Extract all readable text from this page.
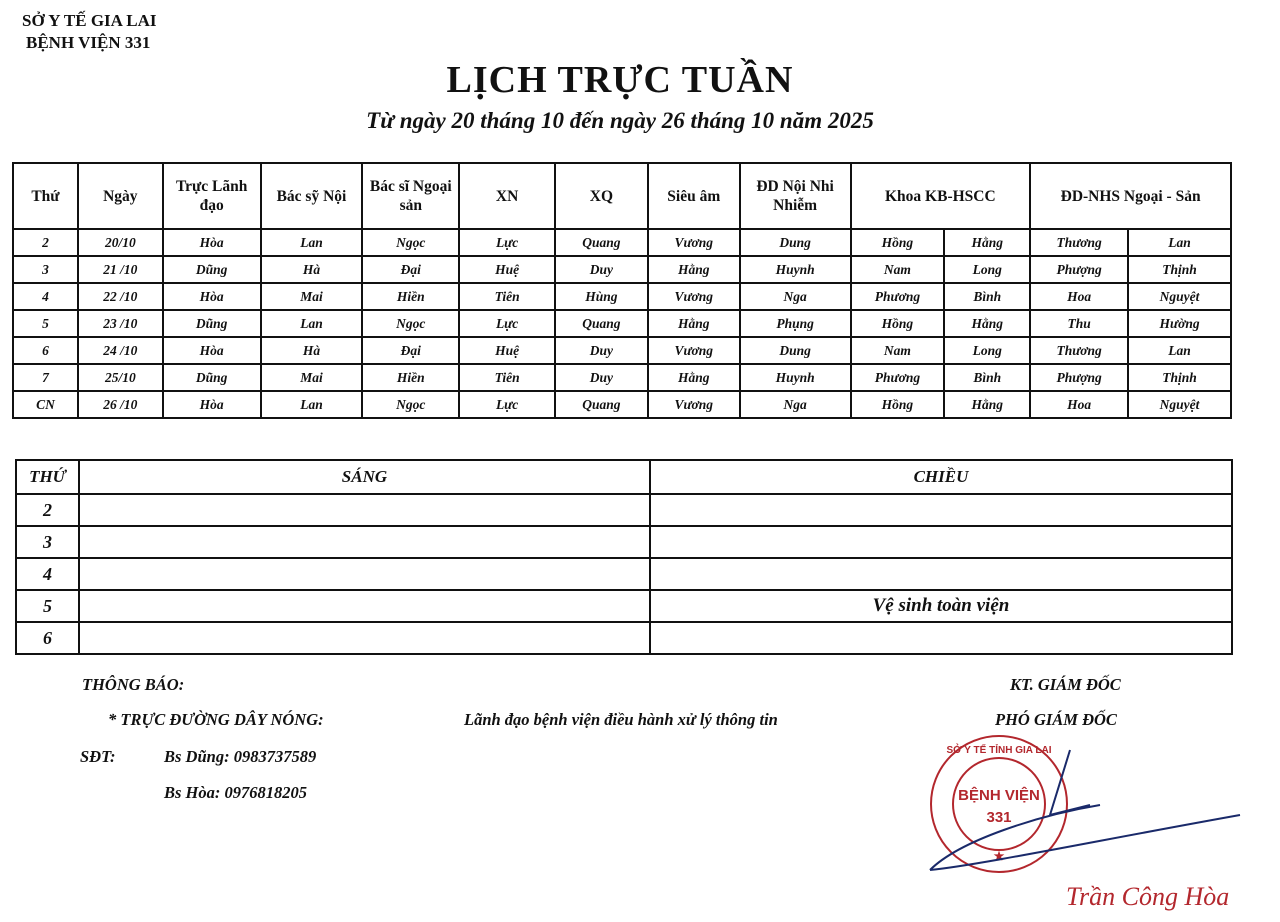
SỞ Y TẾ GIA LAI
BỆNH VIỆN 331
LỊCH TRỰC TUẦN
Từ ngày 20 tháng 10 đến ngày 26 tháng 10 năm 2025
Thứ	Ngày	Trực Lãnh đạo	Bác sỹ Nội	Bác sĩ Ngoại sản	XN	XQ	Siêu âm	ĐD Nội Nhi Nhiễm	Khoa KB-HSCC		ĐD-NHS Ngoại - Sản	
2	20/10	Hòa	Lan	Ngọc	Lực	Quang	Vương	Dung	Hồng	Hằng	Thương	Lan
3	21 /10	Dũng	Hà	Đại	Huệ	Duy	Hằng	Huynh	Nam	Long	Phượng	Thịnh
4	22 /10	Hòa	Mai	Hiền	Tiên	Hùng	Vương	Nga	Phương	Bình	Hoa	Nguyệt
5	23 /10	Dũng	Lan	Ngọc	Lực	Quang	Hằng	Phụng	Hồng	Hằng	Thu	Hường
6	24 /10	Hòa	Hà	Đại	Huệ	Duy	Vương	Dung	Nam	Long	Thương	Lan
7	25/10	Dũng	Mai	Hiền	Tiên	Duy	Hằng	Huynh	Phương	Bình	Phượng	Thịnh
CN	26 /10	Hòa	Lan	Ngọc	Lực	Quang	Vương	Nga	Hồng	Hằng	Hoa	Nguyệt
THỨ	SÁNG	CHIỀU
2		
3		
4		
5		Vệ sinh toàn viện
6		
THÔNG BÁO:
* TRỰC ĐƯỜNG DÂY NÓNG:	Lãnh đạo bệnh viện điều hành xử lý thông tin
SĐT:	Bs Dũng: 0983737589
Bs Hòa: 0976818205
KT. GIÁM ĐỐC
PHÓ GIÁM ĐỐC
SỞ Y TẾ TỈNH GIA LAI
BỆNH VIỆN
331
★
Trần Công Hòa
